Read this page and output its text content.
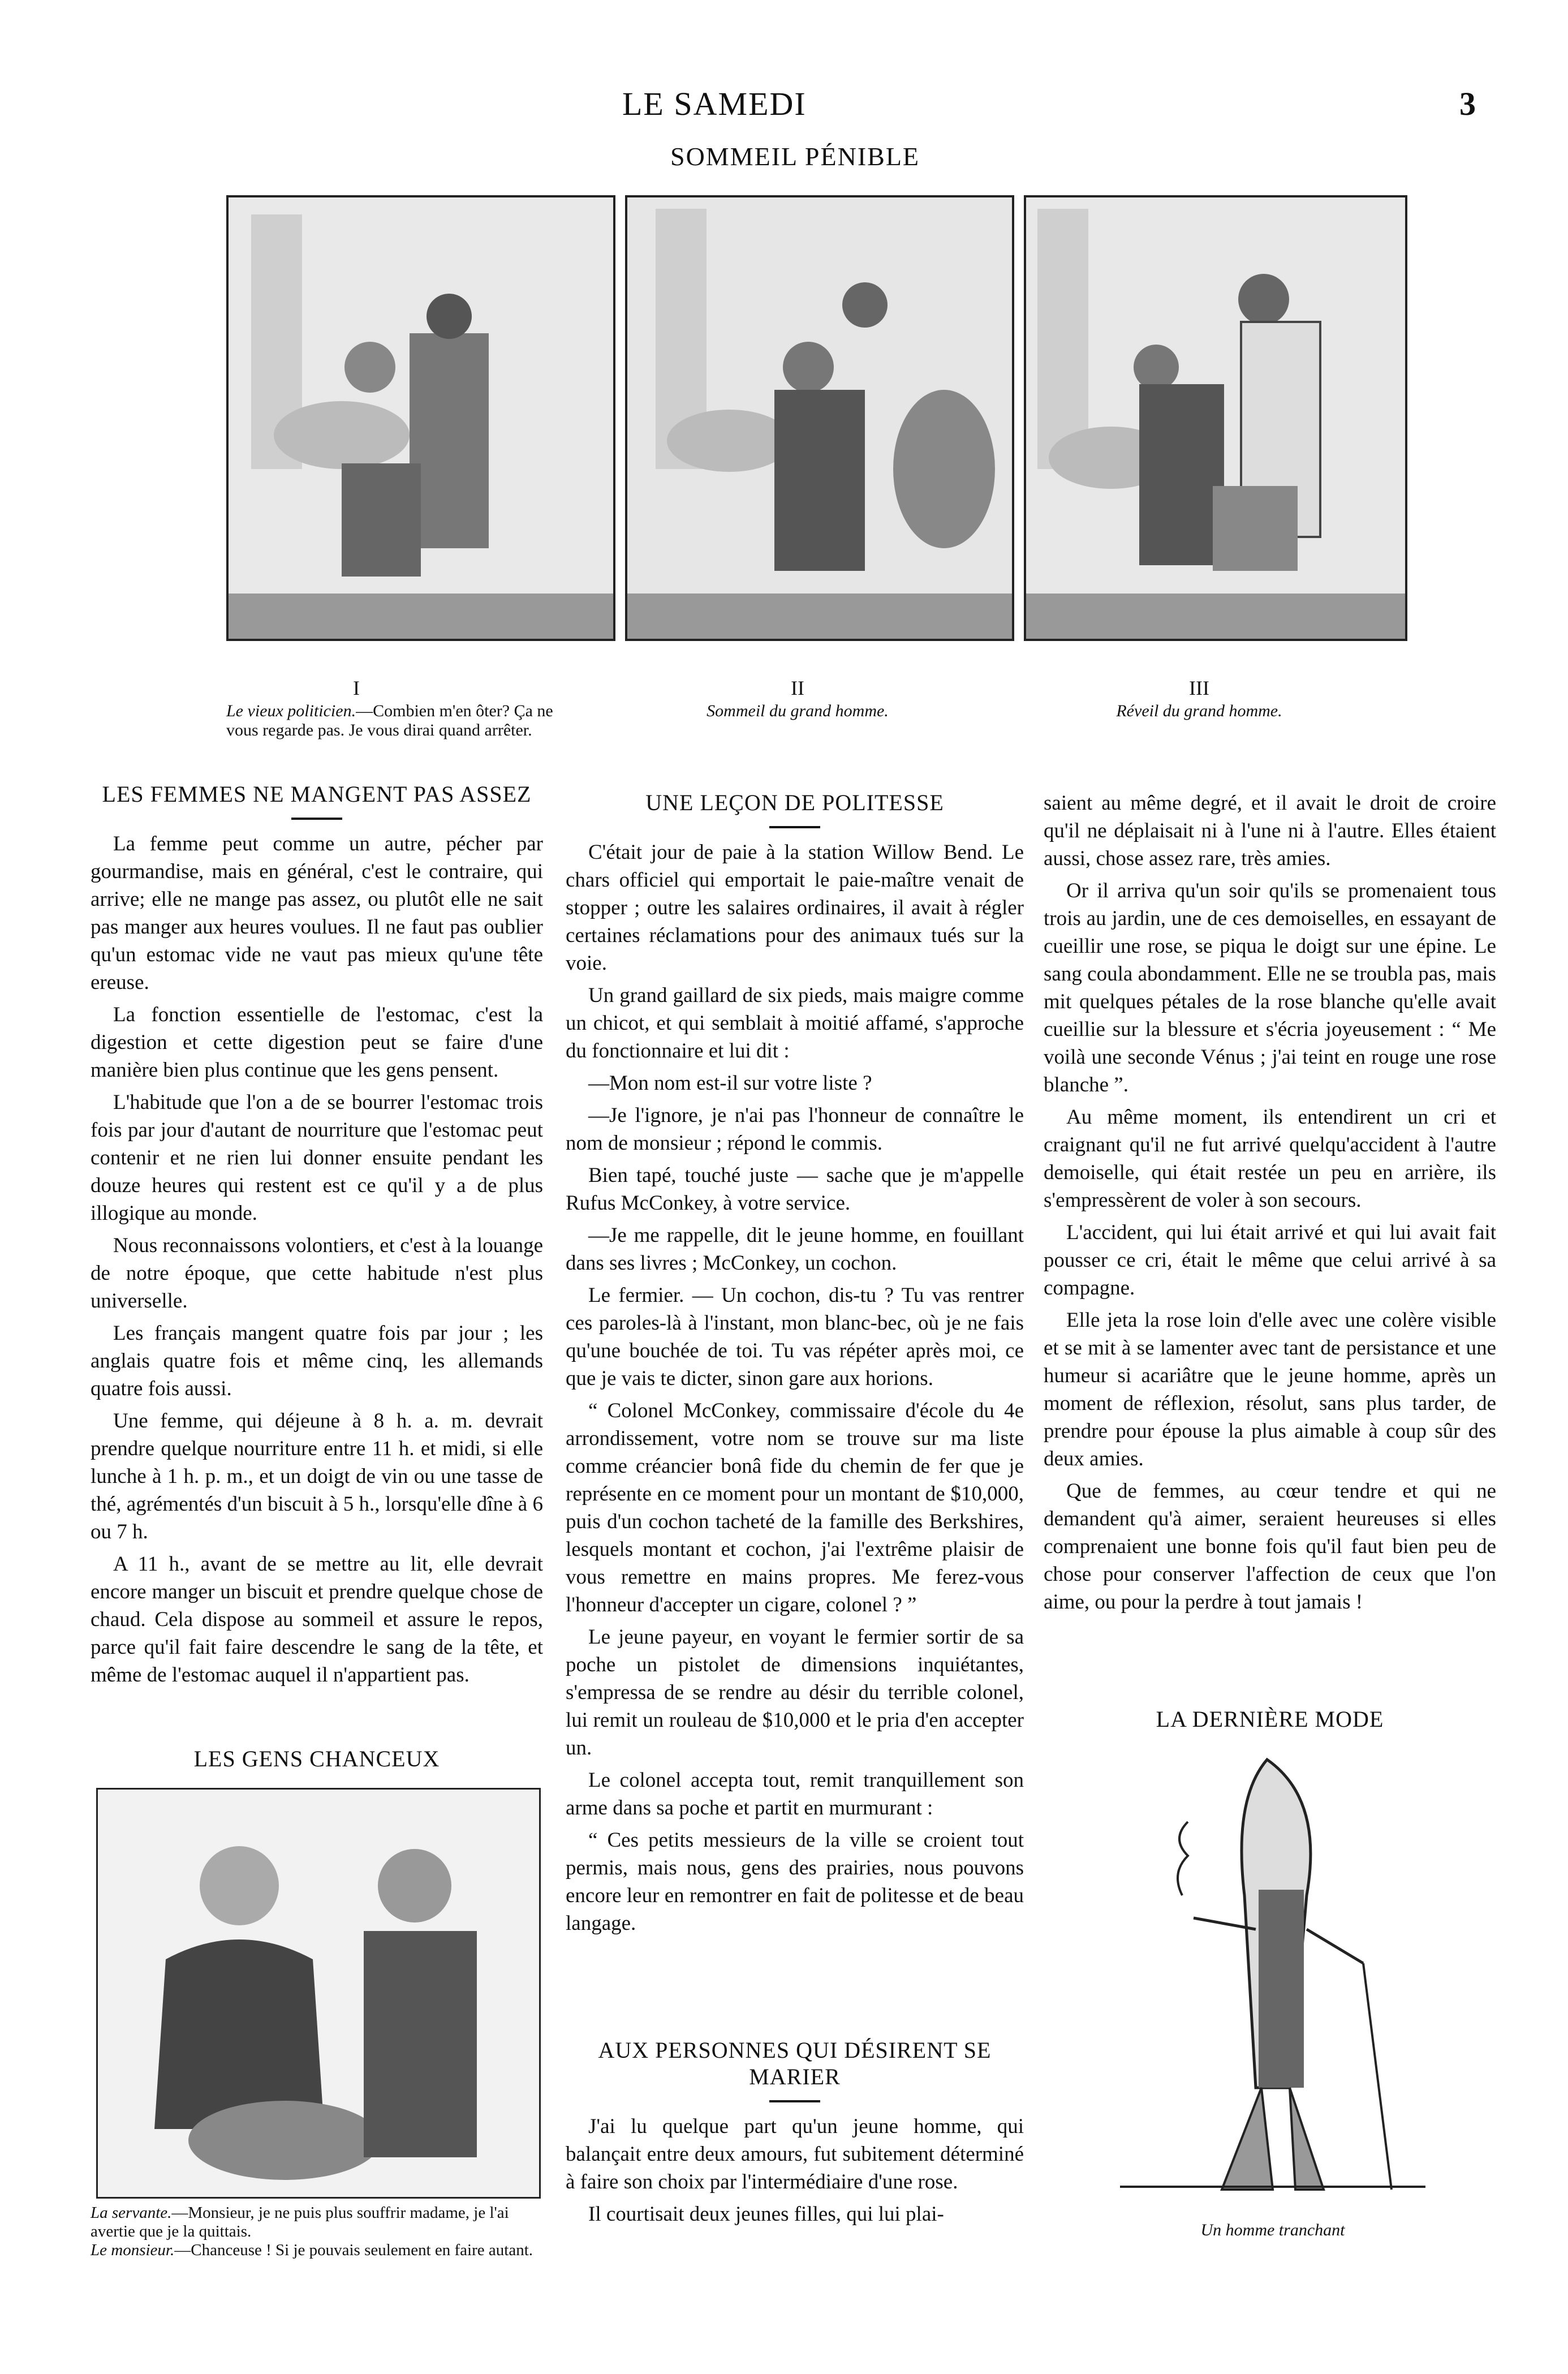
LE SAMEDI	3
SOMMEIL PÉNIBLE
I
Le vieux politicien.—Combien m'en ôter? Ça ne vous regarde pas. Je vous dirai quand arrêter.
II
Sommeil du grand homme.
III
Réveil du grand homme.
LES FEMMES NE MANGENT PAS ASSEZ

La femme peut comme un autre, pécher par gourmandise, mais en général, c'est le contraire, qui arrive; elle ne mange pas assez, ou plutôt elle ne sait pas manger aux heures voulues. Il ne faut pas oublier qu'un estomac vide ne vaut pas mieux qu'une tête ereuse.

La fonction essentielle de l'estomac, c'est la digestion et cette digestion peut se faire d'une manière bien plus continue que les gens pensent.

L'habitude que l'on a de se bourrer l'estomac trois fois par jour d'autant de nourriture que l'estomac peut contenir et ne rien lui donner ensuite pendant les douze heures qui restent est ce qu'il y a de plus illogique au monde.

Nous reconnaissons volontiers, et c'est à la louange de notre époque, que cette habitude n'est plus universelle.

Les français mangent quatre fois par jour ; les anglais quatre fois et même cinq, les allemands quatre fois aussi.

Une femme, qui déjeune à 8 h. a. m. devrait prendre quelque nourriture entre 11 h. et midi, si elle lunche à 1 h. p. m., et un doigt de vin ou une tasse de thé, agrémentés d'un biscuit à 5 h., lorsqu'elle dîne à 6 ou 7 h.

A 11 h., avant de se mettre au lit, elle devrait encore manger un biscuit et prendre quelque chose de chaud. Cela dispose au sommeil et assure le repos, parce qu'il fait faire descendre le sang de la tête, et même de l'estomac auquel il n'appartient pas.

LES GENS CHANCEUX
La servante.—Monsieur, je ne puis plus souffrir madame, je l'ai avertie que je la quittais.
Le monsieur.—Chanceuse ! Si je pouvais seulement en faire autant.
UNE LEÇON DE POLITESSE

C'était jour de paie à la station Willow Bend. Le chars officiel qui emportait le paie-maître venait de stopper ; outre les salaires ordinaires, il avait à régler certaines réclamations pour des animaux tués sur la voie.

Un grand gaillard de six pieds, mais maigre comme un chicot, et qui semblait à moitié affamé, s'approche du fonctionnaire et lui dit :

—Mon nom est-il sur votre liste ?

—Je l'ignore, je n'ai pas l'honneur de connaître le nom de monsieur ; répond le commis.

Bien tapé, touché juste — sache que je m'appelle Rufus McConkey, à votre service.

—Je me rappelle, dit le jeune homme, en fouillant dans ses livres ; McConkey, un cochon.

Le fermier. — Un cochon, dis-tu ? Tu vas rentrer ces paroles-là à l'instant, mon blanc-bec, où je ne fais qu'une bouchée de toi. Tu vas répéter après moi, ce que je vais te dicter, sinon gare aux horions.

“ Colonel McConkey, commissaire d'école du 4e arrondissement, votre nom se trouve sur ma liste comme créancier bonâ fide du chemin de fer que je représente en ce moment pour un montant de $10,000, puis d'un cochon tacheté de la famille des Berkshires, lesquels montant et cochon, j'ai l'extrême plaisir de vous remettre en mains propres. Me ferez-vous l'honneur d'accepter un cigare, colonel ? ”

Le jeune payeur, en voyant le fermier sortir de sa poche un pistolet de dimensions inquiétantes, s'empressa de se rendre au désir du terrible colonel, lui remit un rouleau de $10,000 et le pria d'en accepter un.

Le colonel accepta tout, remit tranquillement son arme dans sa poche et partit en murmurant :

“ Ces petits messieurs de la ville se croient tout permis, mais nous, gens des prairies, nous pouvons encore leur en remontrer en fait de politesse et de beau langage.

AUX PERSONNES QUI DÉSIRENT SE MARIER

J'ai lu quelque part qu'un jeune homme, qui balançait entre deux amours, fut subitement déterminé à faire son choix par l'intermédiaire d'une rose.

Il courtisait deux jeunes filles, qui lui plai-

saient au même degré, et il avait le droit de croire qu'il ne déplaisait ni à l'une ni à l'autre. Elles étaient aussi, chose assez rare, très amies.

Or il arriva qu'un soir qu'ils se promenaient tous trois au jardin, une de ces demoiselles, en essayant de cueillir une rose, se piqua le doigt sur une épine. Le sang coula abondamment. Elle ne se troubla pas, mais mit quelques pétales de la rose blanche qu'elle avait cueillie sur la blessure et s'écria joyeusement : “ Me voilà une seconde Vénus ; j'ai teint en rouge une rose blanche ”.

Au même moment, ils entendirent un cri et craignant qu'il ne fut arrivé quelqu'accident à l'autre demoiselle, qui était restée un peu en arrière, ils s'empressèrent de voler à son secours.

L'accident, qui lui était arrivé et qui lui avait fait pousser ce cri, était le même que celui arrivé à sa compagne.

Elle jeta la rose loin d'elle avec une colère visible et se mit à se lamenter avec tant de persistance et une humeur si acariâtre que le jeune homme, après un moment de réflexion, résolut, sans plus tarder, de prendre pour épouse la plus aimable à coup sûr des deux amies.

Que de femmes, au cœur tendre et qui ne demandent qu'à aimer, seraient heureuses si elles comprenaient une bonne fois qu'il faut bien peu de chose pour conserver l'affection de ceux que l'on aime, ou pour la perdre à tout jamais !

LA DERNIÈRE MODE
Un homme tranchant
